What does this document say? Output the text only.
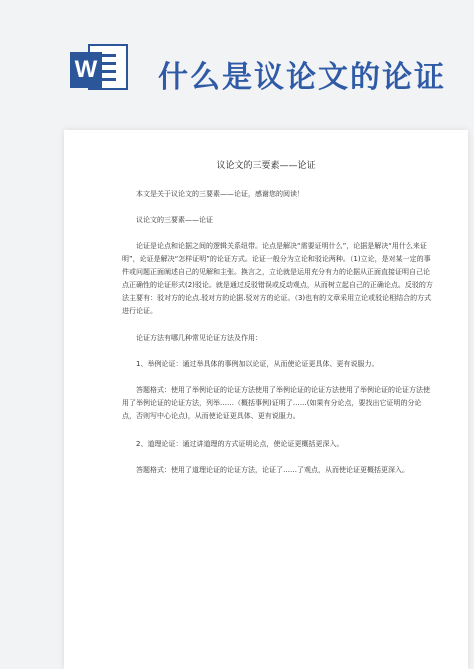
W 什么是议论文的论证
议论文的三要素——论证
本文是关于议论文的三要素——论证，感谢您的阅读！
议论文的三要素——论证
论证是论点和论据之间的逻辑关系纽带。论点是解决“需要证明什么”，论据是解决“用什么来证明”，论证是解决“怎样证明”的论证方式。论证一般分为立论和驳论两种。（1)立论，是对某一定的事件或问题正面阐述自己的见解和主张。换言之，立论就是运用充分有力的论据从正面直接证明自己论点正确性的论证形式(2)驳论。就是通过反驳错误或反动观点，从而树立起自己的正确论点。反驳的方法主要有：驳对方的论点.驳对方的论据.驳对方的论证。（3)也有的文章采用立论或驳论相结合的方式进行论证。
论证方法有哪几种常见论证方法及作用：
1、举例论证：通过举具体的事例加以论证，从而使论证更具体、更有说服力。
答题格式：使用了举例论证的论证方法使用了举例论证的论证方法使用了举例论证的论证方法使用了举例论证的论证方法，列举……（概括事例)证明了……(如果有分论点，要找出它证明的分论点，否则写中心论点)，从而使论证更具体、更有说服力。
2、道理论证：通过讲道理的方式证明论点，使论证更概括更深入。
答题格式：使用了道理论证的论证方法，论证了……了观点，从而使论证更概括更深入。
